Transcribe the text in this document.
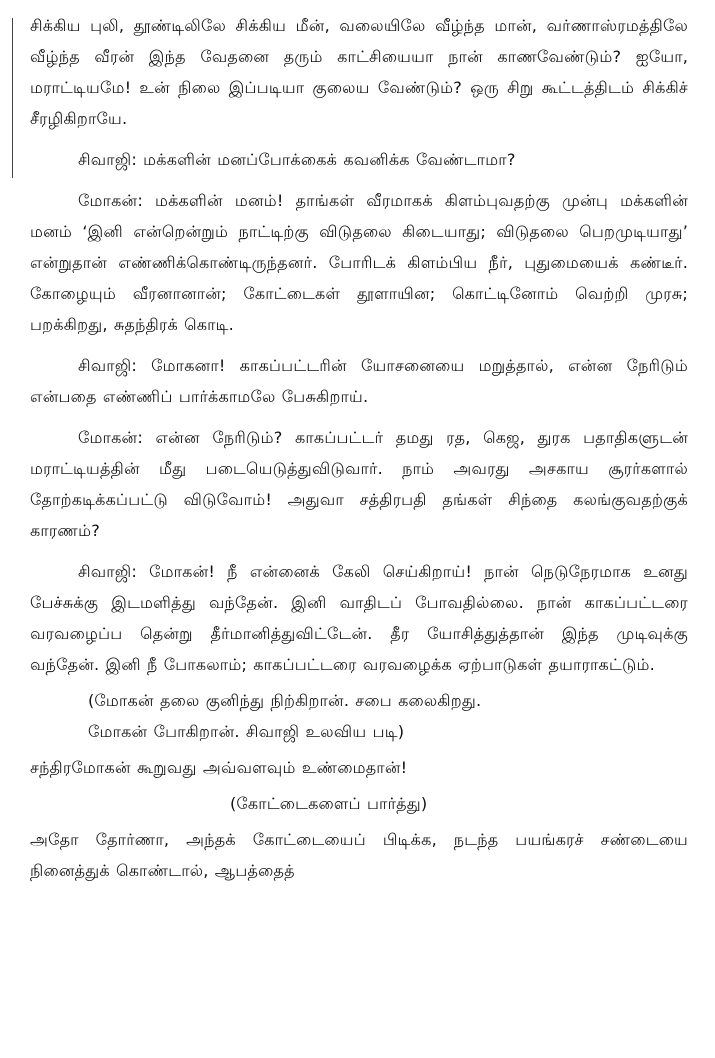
சிக்கிய புலி, தூண்டிலிலே சிக்கிய மீன், வலையிலே வீழ்ந்த மான், வர்ணாஸ்ரமத்திலே வீழ்ந்த வீரன் இந்த வேதனை தரும் காட்சியையா நான் காணவேண்டும்? ஐயோ, மராட்டியமே! உன் நிலை இப்படியா குலைய வேண்டும்? ஒரு சிறு கூட்டத்திடம் சிக்கிச் சீரழிகிறாயே.

சிவாஜி: மக்களின் மனப்போக்கைக் கவனிக்க வேண்டாமா?

மோகன்: மக்களின் மனம்! தாங்கள் வீரமாகக் கிளம்புவதற்கு முன்பு மக்களின் மனம் ‘இனி என்றென்றும் நாட்டிற்கு விடுதலை கிடையாது; விடுதலை பெறமுடியாது’ என்றுதான் எண்ணிக்கொண்டிருந்தனர். போரிடக் கிளம்பிய நீர், புதுமையைக் கண்டீர். கோழையும் வீரனானான்; கோட்டைகள் தூளாயின; கொட்டினோம் வெற்றி முரசு; பறக்கிறது, சுதந்திரக் கொடி.

சிவாஜி: மோகனா! காகப்பட்டரின் யோசனையை மறுத்தால், என்ன நேரிடும் என்பதை எண்ணிப் பார்க்காமலே பேசுகிறாய்.

மோகன்: என்ன நேரிடும்? காகப்பட்டர் தமது ரத, கெஜ, துரக பதாதிகளுடன் மராட்டியத்தின் மீது படையெடுத்துவிடுவார். நாம் அவரது அசகாய சூரர்களால் தோற்கடிக்கப்பட்டு விடுவோம்! அதுவா சத்திரபதி தங்கள் சிந்தை கலங்குவதற்குக் காரணம்?

சிவாஜி: மோகன்! நீ என்னைக் கேலி செய்கிறாய்! நான் நெடுநேரமாக உனது பேச்சுக்கு இடமளித்து வந்தேன். இனி வாதிடப் போவதில்லை. நான் காகப்பட்டரை வரவழைப்ப தென்று தீர்மானித்துவிட்டேன். தீர யோசித்துத்தான் இந்த முடிவுக்கு வந்தேன். இனி நீ போகலாம்; காகப்பட்டரை வரவழைக்க ஏற்பாடுகள் தயாராகட்டும்.

(மோகன் தலை குனிந்து நிற்கிறான். சபை கலைகிறது.

மோகன் போகிறான். சிவாஜி உலவிய படி)

சந்திரமோகன் கூறுவது அவ்வளவும் உண்மைதான்!

(கோட்டைகளைப் பார்த்து)

அதோ தோர்ணா, அந்தக் கோட்டையைப் பிடிக்க, நடந்த பயங்கரச் சண்டையை நினைத்துக் கொண்டால், ஆபத்தைத்
